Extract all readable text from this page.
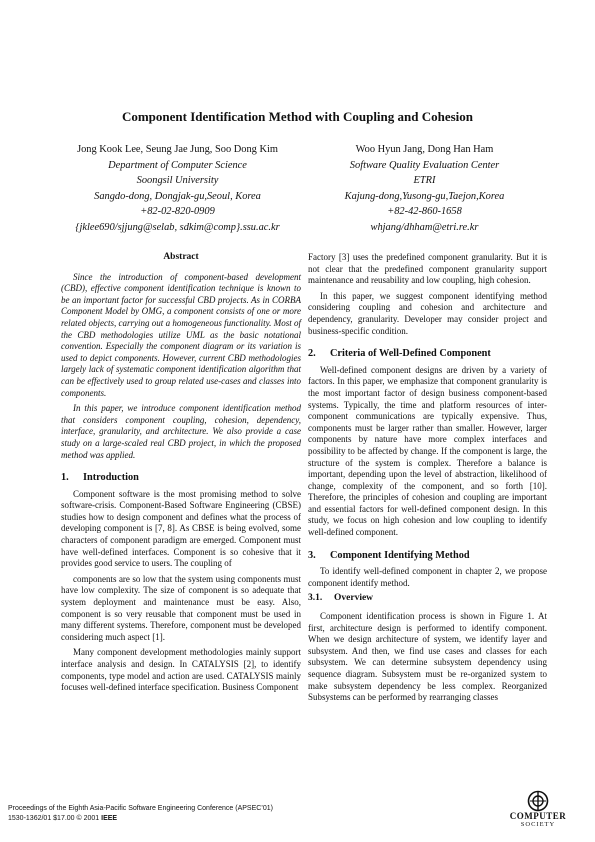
Component Identification Method with Coupling and Cohesion
Jong Kook Lee, Seung Jae Jung, Soo Dong Kim
Department of Computer Science
Soongsil University
Sangdo-dong, Dongjak-gu,Seoul, Korea
+82-02-820-0909
{jklee690/sjjung@selab, sdkim@comp}.ssu.ac.kr
Woo Hyun Jang, Dong Han Ham
Software Quality Evaluation Center
ETRI
Kajung-dong,Yusong-gu,Taejon,Korea
+82-42-860-1658
whjang/dhham@etri.re.kr
Abstract

Since the introduction of component-based development (CBD), effective component identification technique is known to be an important factor for successful CBD projects. As in CORBA Component Model by OMG, a component consists of one or more related objects, carrying out a homogeneous functionality. Most of the CBD methodologies utilize UML as the basic notational convention. Especially the component diagram or its variation is used to depict components. However, current CBD methodologies largely lack of systematic component identification algorithm that can be effectively used to group related use-cases and classes into components.

In this paper, we introduce component identification method that considers component coupling, cohesion, dependency, interface, granularity, and architecture. We also provide a case study on a large-scaled real CBD project, in which the proposed method was applied.

1. Introduction

Component software is the most promising method to solve software-crisis. Component-Based Software Engineering (CBSE) studies how to design component and defines what the process of developing component is [7, 8]. As CBSE is being evolved, some characters of component paradigm are emerged. Component must have well-defined interfaces. Component is so cohesive that it provides good service to users. The coupling of

components are so low that the system using components must have low complexity. The size of component is so adequate that system deployment and maintenance must be easy. Also, component is so very reusable that component must be used in many different systems. Therefore, component must be developed considering much aspect [1].

Many component development methodologies mainly support interface analysis and design. In CATALYSIS [2], to identify components, type model and action are used. CATALYSIS mainly focuses well-defined interface specification. Business Component

Factory [3] uses the predefined component granularity. But it is not clear that the predefined component granularity support maintenance and reusability and low coupling, high cohesion.

In this paper, we suggest component identifying method considering coupling and cohesion and architecture and dependency, granularity. Developer may consider project and business-specific condition.

2. Criteria of Well-Defined Component

Well-defined component designs are driven by a variety of factors. In this paper, we emphasize that component granularity is the most important factor of design business component-based systems. Typically, the time and platform resources of inter-component communications are typically expensive. Thus, components must be larger rather than smaller. However, larger components by nature have more complex interfaces and possibility to be affected by change. If the component is large, the structure of the system is complex. Therefore a balance is important, depending upon the level of abstraction, likelihood of change, complexity of the component, and so forth [10]. Therefore, the principles of cohesion and coupling are important and essential factors for well-defined component design. In this study, we focus on high cohesion and low coupling to identify well-defined component.

3. Component Identifying Method

To identify well-defined component in chapter 2, we propose component identify method.

3.1. Overview

Component identification process is shown in Figure 1. At first, architecture design is performed to identify component. When we design architecture of system, we identify layer and subsystem. And then, we find use cases and classes for each subsystem. We can determine subsystem dependency using sequence diagram. Subsystem must be re-organized system to make subsystem dependency be less complex. Reorganized Subsystems can be performed by rearranging classes

Proceedings of the Eighth Asia-Pacific Software Engineering Conference (APSEC’01)
1530-1362/01 $17.00 © 2001 IEEE	COMPUTER
SOCIETY
